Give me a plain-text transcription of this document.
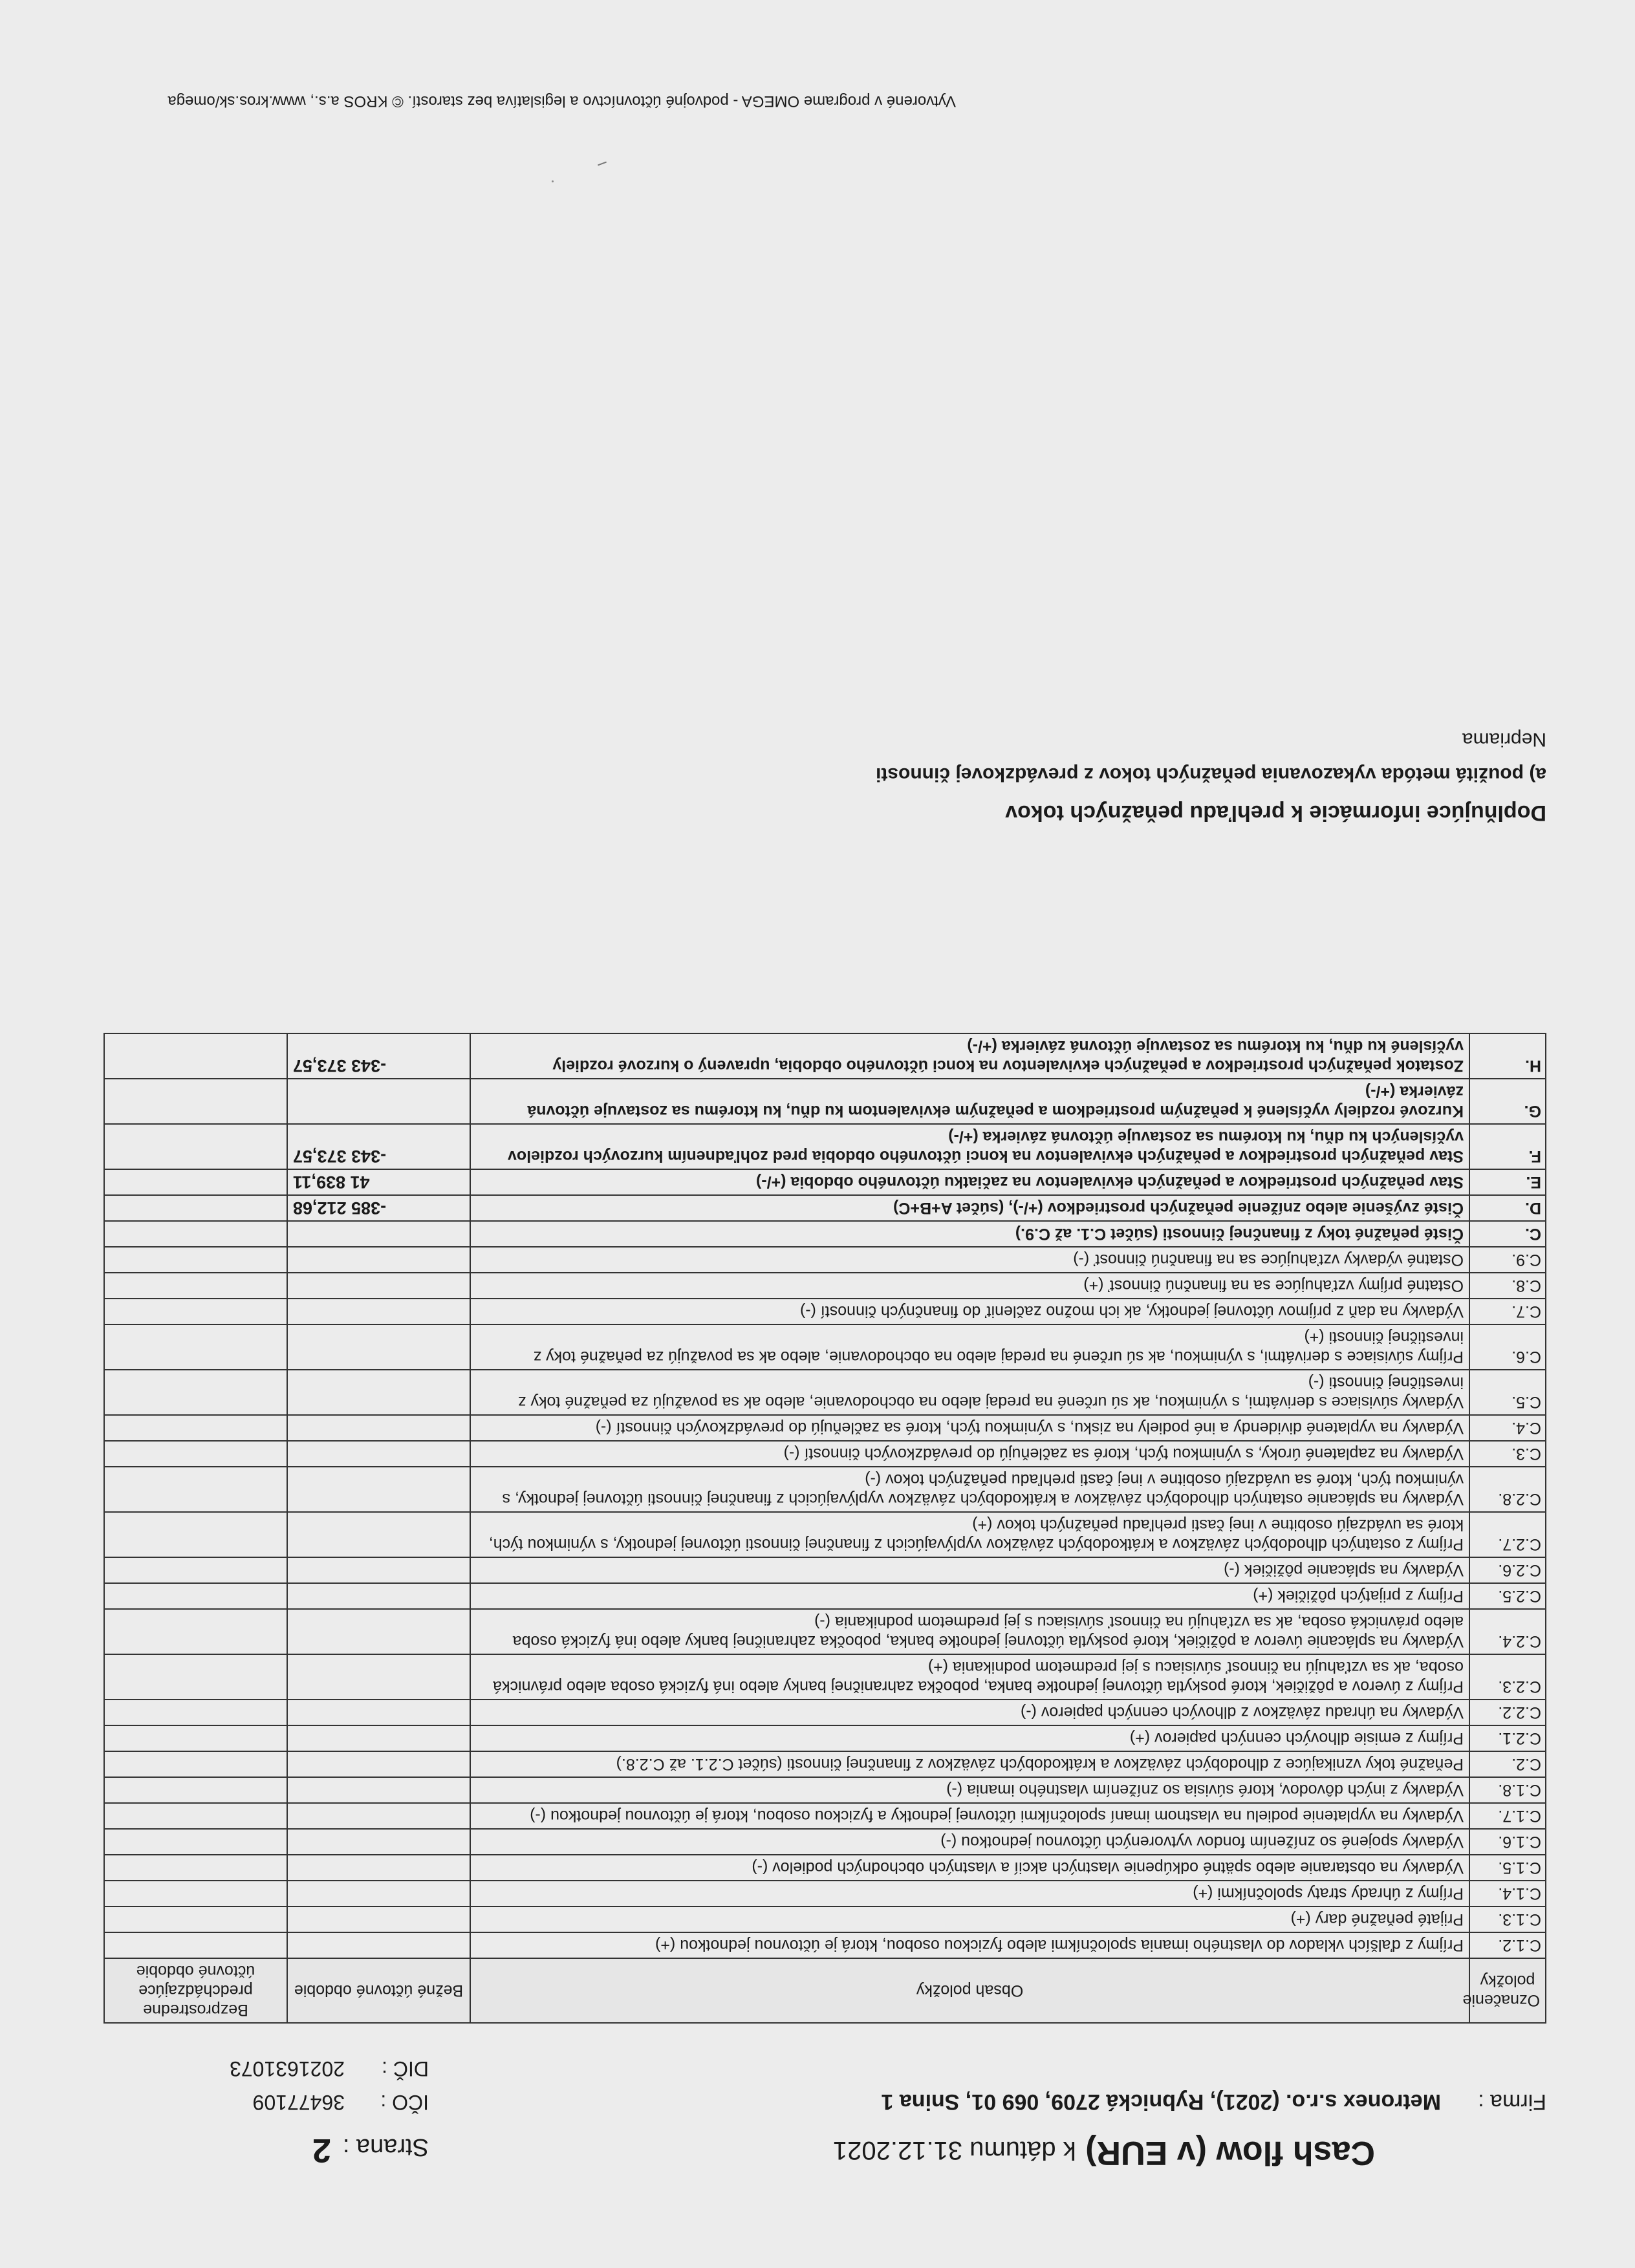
Cash flow (v EUR) k dátumu 31.12.2021
Strana :2
Firma :
Metronex s.r.o. (2021), Rybnická 2709, 069 01, Snina 1
IČO :
36477109
DIČ :
2021631073
Označenie položky	Obsah položky	Bežné účtovné obdobie	Bezprostredne predchádzajúce účtovné obdobie
C.1.2.	Príjmy z ďalších vkladov do vlastného imania spoločníkmi alebo fyzickou osobou, ktorá je účtovnou jednotkou (+)		
C.1.3.	Prijaté peňažné dary (+)		
C.1.4.	Príjmy z úhrady straty spoločníkmi (+)		
C.1.5.	Výdavky na obstaranie alebo spätné odkúpenie vlastných akcií a vlastných obchodných podielov (-)		
C.1.6.	Výdavky spojené so znížením fondov vytvorených účtovnou jednotkou (-)		
C.1.7.	Výdavky na vyplatenie podielu na vlastnom imaní spoločníkmi účtovnej jednotky a fyzickou osobou, ktorá je účtovnou jednotkou (-)		
C.1.8.	Výdavky z iných dôvodov, ktoré súvisia so znížením vlastného imania (-)		
C.2.	Peňažné toky vznikajúce z dlhodobých záväzkov a krátkodobých záväzkov z finančnej činnosti (súčet C.2.1. až C.2.8.)		
C.2.1.	Príjmy z emisie dlhových cenných papierov (+)		
C.2.2.	Výdavky na úhradu záväzkov z dlhových cenných papierov (-)		
C.2.3.	Príjmy z úverov a pôžičiek, ktoré poskytla účtovnej jednotke banka, pobočka zahraničnej banky alebo iná fyzická osoba alebo právnická osoba, ak sa vzťahujú na činnosť súvisiacu s jej predmetom podnikania (+)		
C.2.4.	Výdavky na splácanie úverov a pôžičiek, ktoré poskytla účtovnej jednotke banka, pobočka zahraničnej banky alebo iná fyzická osoba alebo právnická osoba, ak sa vzťahujú na činnosť súvisiacu s jej predmetom podnikania (-)		
C.2.5.	Príjmy z prijatých pôžičiek (+)		
C.2.6.	Výdavky na splácanie pôžičiek (-)		
C.2.7.	Príjmy z ostatných dlhodobých záväzkov a krátkodobých záväzkov vyplývajúcich z finančnej činnosti účtovnej jednotky, s výnimkou tých, ktoré sa uvádzajú osobitne v inej časti prehľadu peňažných tokov (+)		
C.2.8.	Výdavky na splácanie ostatných dlhodobých záväzkov a krátkodobých záväzkov vyplývajúcich z finančnej činnosti účtovnej jednotky, s výnimkou tých, ktoré sa uvádzajú osobitne v inej časti prehľadu peňažných tokov (-)		
C.3.	Výdavky na zaplatené úroky, s výnimkou tých, ktoré sa začleňujú do prevádzkových činností (-)		
C.4.	Výdavky na vyplatené dividendy a iné podiely na zisku, s výnimkou tých, ktoré sa začleňujú do prevádzkových činností (-)		
C.5.	Výdavky súvisiace s derivátmi, s výnimkou, ak sú určené na predaj alebo na obchodovanie, alebo ak sa považujú za peňažné toky z investičnej činnosti (-)		
C.6.	Príjmy súvisiace s derivátmi, s výnimkou, ak sú určené na predaj alebo na obchodovanie, alebo ak sa považujú za peňažné toky z investičnej činnosti (+)		
C.7.	Výdavky na daň z príjmov účtovnej jednotky, ak ich možno začleniť do finančných činností (-)		
C.8.	Ostatné príjmy vzťahujúce sa na finančnú činnosť (+)		
C.9.	Ostatné výdavky vzťahujúce sa na finančnú činnosť (-)		
C.	Čisté peňažné toky z finančnej činnosti (súčet C.1. až C.9.)		
D.	Čisté zvýšenie alebo zníženie peňažných prostriedkov (+/-), (súčet A+B+C)	-385 212,68	
E.	Stav peňažných prostriedkov a peňažných ekvivalentov na začiatku účtovného obdobia (+/-)	41 839,11	
F.	Stav peňažných prostriedkov a peňažných ekvivalentov na konci účtovného obdobia pred zohľadnením kurzových rozdielov vyčíslených ku dňu, ku ktorému sa zostavuje účtovná závierka (+/-)	-343 373,57	
G.	Kurzové rozdiely vyčíslené k peňažným prostriedkom a peňažným ekvivalentom ku dňu, ku ktorému sa zostavuje účtovná závierka (+/-)		
H.	Zostatok peňažných prostriedkov a peňažných ekvivalentov na konci účtovného obdobia, upravený o kurzové rozdiely vyčíslené ku dňu, ku ktorému sa zostavuje účtovná závierka (+/-)	-343 373,57	
Doplňujúce informácie k prehľadu peňažných tokov
a) použitá metóda vykazovania peňažných tokov z prevádzkovej činnosti
Nepriama
Vytvorené v programe OMEGA - podvojné účtovníctvo a legislatíva bez starostí. © KROS a.s., www.kros.sk/omega
